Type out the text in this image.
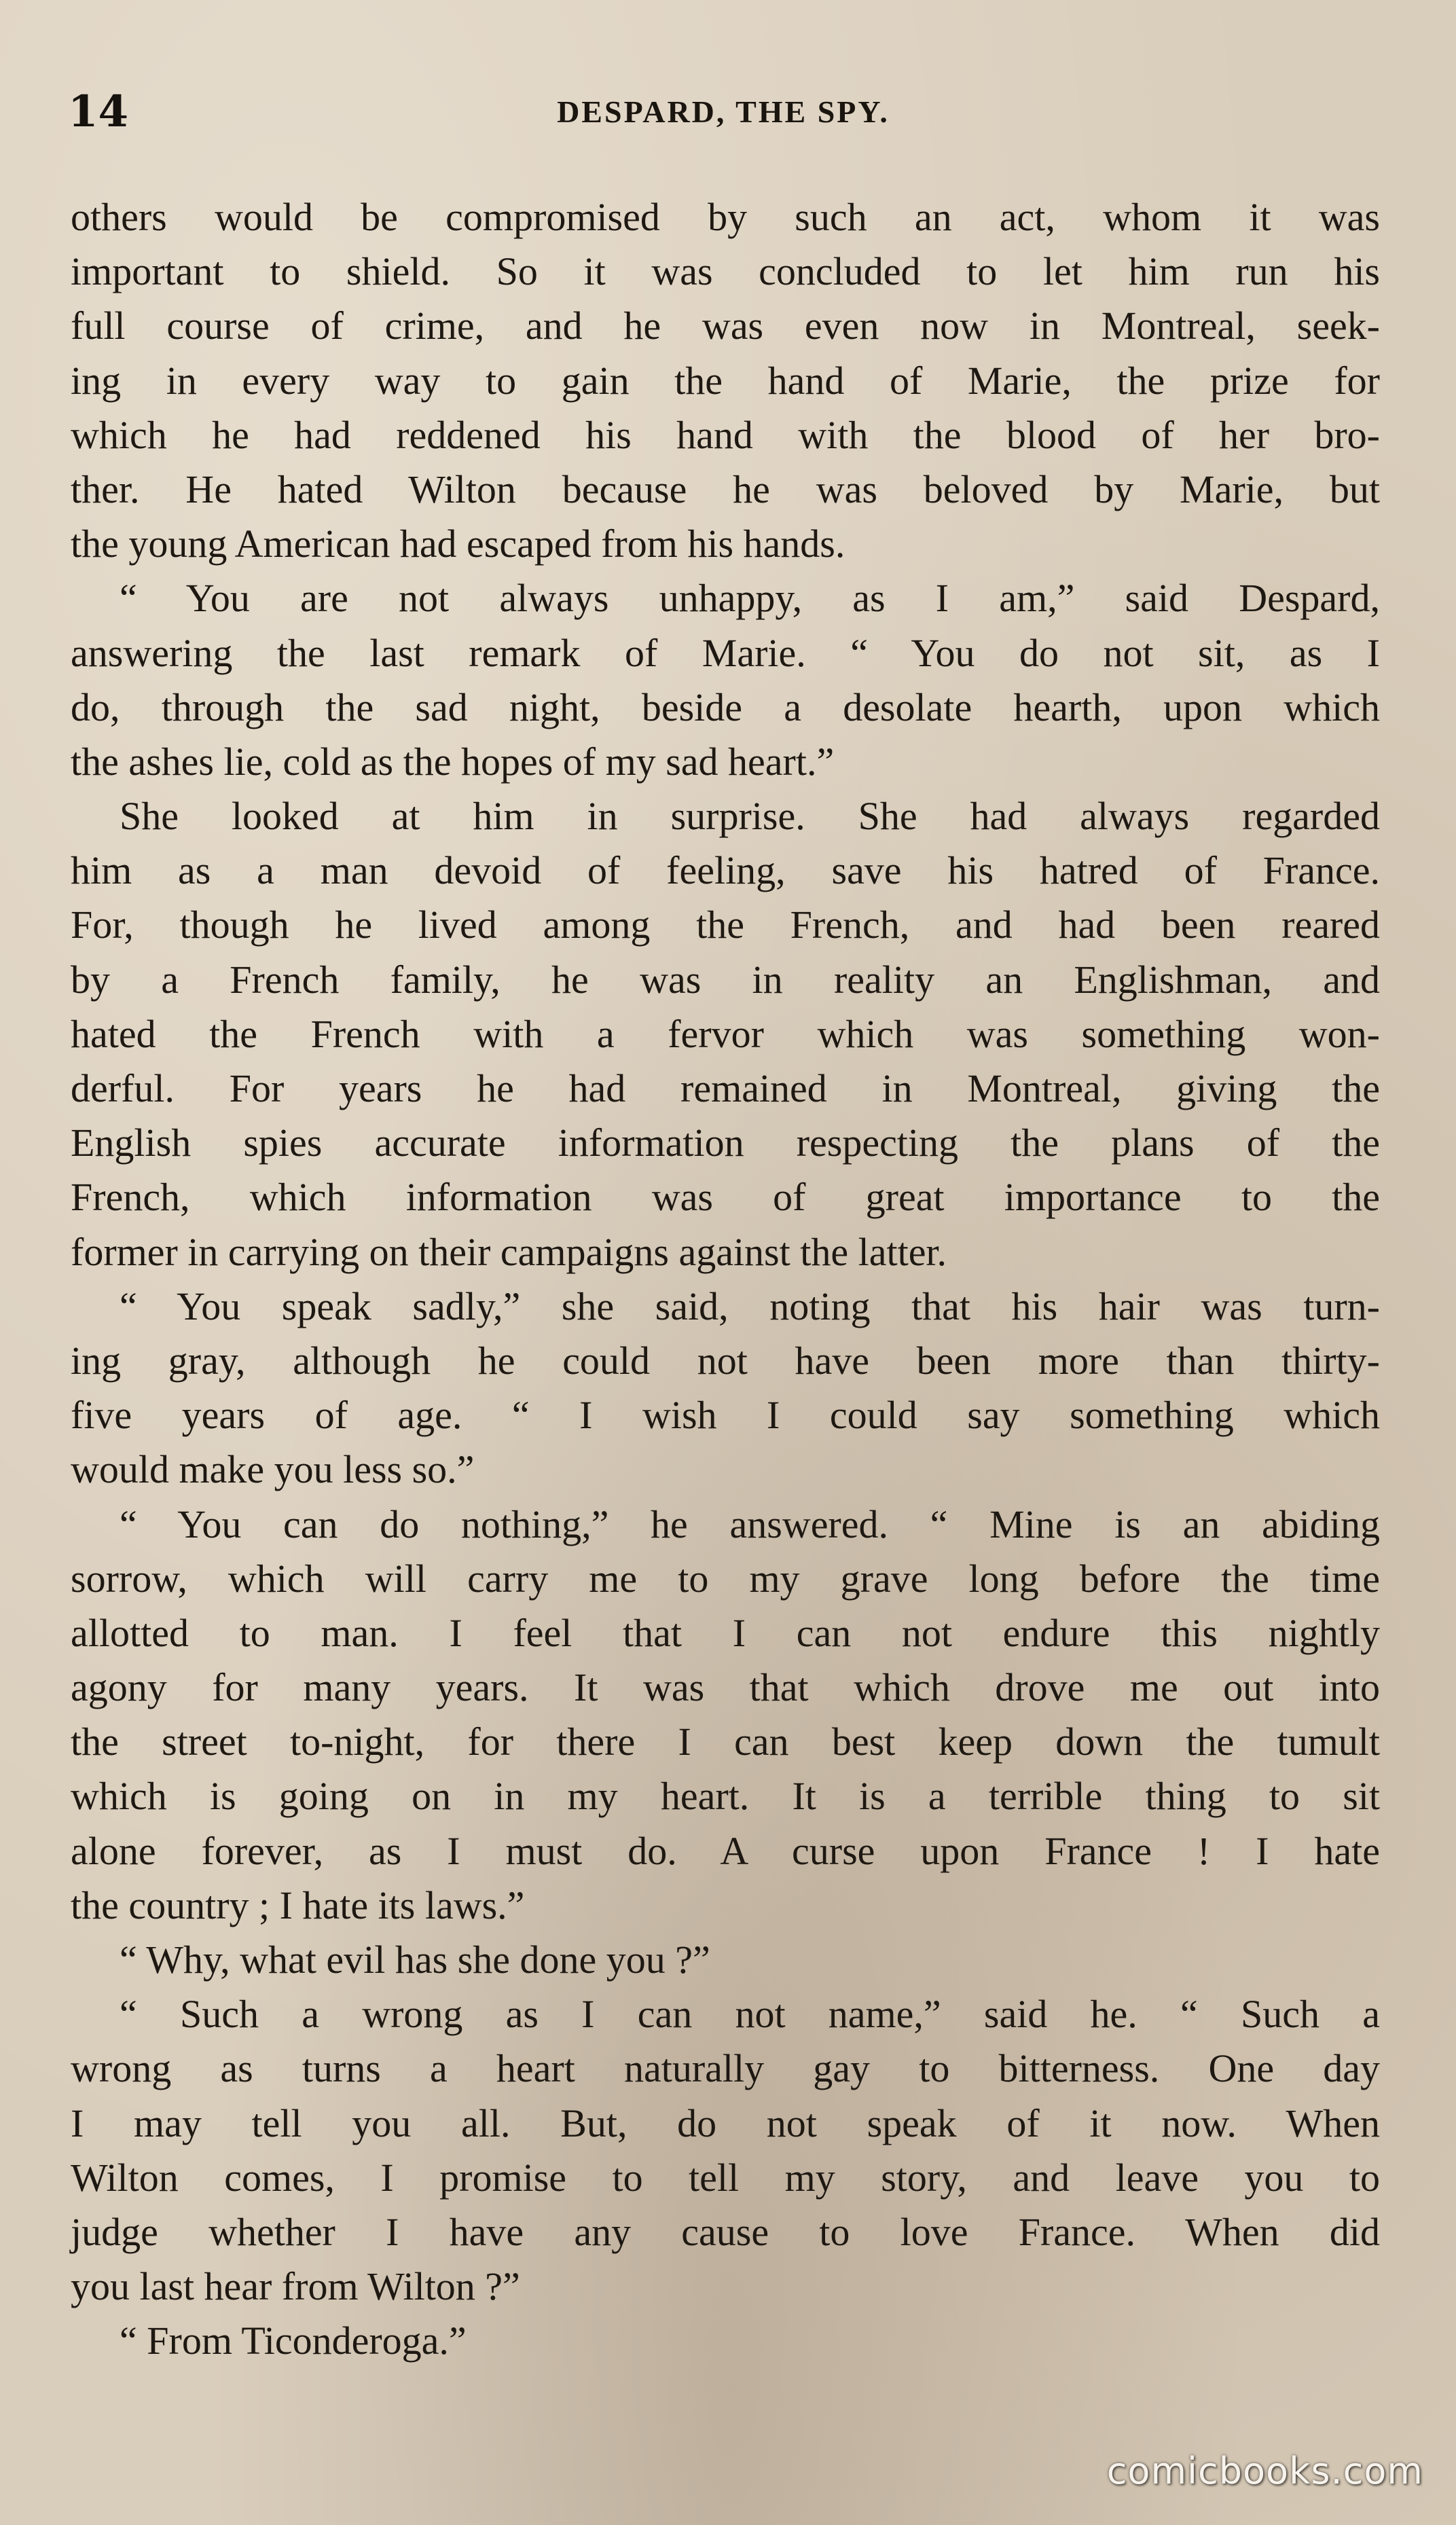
14	DESPARD, THE SPY.
others would be compromised by such an act, whom it was
important to shield. So it was concluded to let him run his
full course of crime, and he was even now in Montreal, seek-
ing in every way to gain the hand of Marie, the prize for
which he had reddened his hand with the blood of her bro-
ther. He hated Wilton because he was beloved by Marie, but
the young American had escaped from his hands.
“ You are not always unhappy, as I am,” said Despard,
answering the last remark of Marie. “ You do not sit, as I
do, through the sad night, beside a desolate hearth, upon which
the ashes lie, cold as the hopes of my sad heart.”
She looked at him in surprise. She had always regarded
him as a man devoid of feeling, save his hatred of France.
For, though he lived among the French, and had been reared
by a French family, he was in reality an Englishman, and
hated the French with a fervor which was something won-
derful. For years he had remained in Montreal, giving the
English spies accurate information respecting the plans of the
French, which information was of great importance to the
former in carrying on their campaigns against the latter.
“ You speak sadly,” she said, noting that his hair was turn-
ing gray, although he could not have been more than thirty-
five years of age. “ I wish I could say something which
would make you less so.”
“ You can do nothing,” he answered. “ Mine is an abiding
sorrow, which will carry me to my grave long before the time
allotted to man. I feel that I can not endure this nightly
agony for many years. It was that which drove me out into
the street to-night, for there I can best keep down the tumult
which is going on in my heart. It is a terrible thing to sit
alone forever, as I must do. A curse upon France ! I hate
the country ; I hate its laws.”
“ Why, what evil has she done you ?”
“ Such a wrong as I can not name,” said he. “ Such a
wrong as turns a heart naturally gay to bitterness. One day
I may tell you all. But, do not speak of it now. When
Wilton comes, I promise to tell my story, and leave you to
judge whether I have any cause to love France. When did
you last hear from Wilton ?”
“ From Ticonderoga.”
comicbooks.com
